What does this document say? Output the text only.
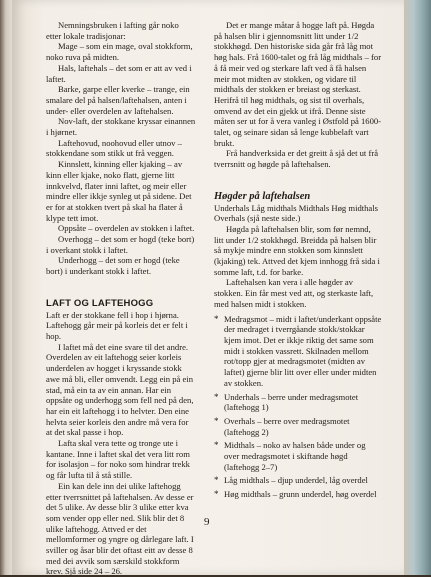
Nemningsbruken i lafting går noko etter lokale tradisjonar:

Mage – som ein mage, oval stokkform, noko ruva på midten.

Hals, laftehals – det som er att av ved i laftet.

Barke, garpe eller kverke – trange, ein smalare del på halsen/laftehalsen, anten i under- eller overdelen av laftehalsen.

Nov-laft, der stokkane kryssar einannen i hjørnet.

Laftehovud, noohovud eller utnov – stokkendane som stikk ut frå veggen.

Kinnslett, kinning eller kjaking – av kinn eller kjake, noko flatt, gjerne litt innkvelvd, flater inni laftet, og meir eller mindre eller ikkje synleg ut på sidene. Det er for at stokken tvert på skal ha flater å klype tett imot.

Oppsåte – overdelen av stokken i laftet.

Overhogg – det som er hogd (teke bort) i overkant stokk i laftet.

Underhogg – det som er hogd (teke bort) i underkant stokk i laftet.

LAFT OG LAFTEHOGG

Laft er der stokkane fell i hop i hjørna. Laftehogg går meir på korleis det er felt i hop.

I laftet må det eine svare til det andre. Overdelen av eit laftehogg seier korleis underdelen av hogget i kryssande stokk awe må bli, eller omvendt. Legg ein på ein stad, må ein ta av ein annan. Har ein oppsåte og underhogg som fell ned på den, har ein eit laftehogg i to helvter. Den eine helvta seier korleis den andre må vera for at det skal passe i hop.

Lafta skal vera tette og tronge ute i kantane. Inne i laftet skal det vera litt rom for isolasjon – for noko som hindrar trekk og får lufta til å stå stille.

Ein kan dele inn dei ulike laftehogg etter tverrsnittet på laftehalsen. Av desse er det 5 ulike. Av desse blir 3 ulike etter kva som vender opp eller ned. Slik blir det 8 ulike laftehogg. Attved er det mellomformer og yngre og dårlegare laft. I sviller og åsar blir det oftast eitt av desse 8 med dei avvik som særskild stokkform krev. Sjå side 24 – 26.

Det er mange måtar å hogge laft på. Høgda på halsen blir i gjennomsnitt litt under 1/2 stokkhøgd. Den historiske sida går frå låg mot høg hals. Frå 1600-talet og frå låg midthals – for å få meir ved og sterkare laft ved å få halsen meir mot midten av stokken, og vidare til midthals der stokken er breiast og sterkast. Herifrå til høg midthals, og sist til overhals, omvend av det ein gjekk ut ifrå. Denne siste måten ser ut for å vera vanleg i Østfold på 1600-talet, og seinare sidan så lenge kubbelaft vart brukt.

Frå handverksida er det greitt å sjå det ut frå tverrsnitt og høgde på laftehalsen.

Høgder på laftehalsen

Underhals Låg midthals Midthals Høg midthals Overhals (sjå neste side.)

Høgda på laftehalsen blir, som før nemnd, litt under 1/2 stokkhøgd. Breidda på halsen blir så mykje mindre enn stokken som kinnslett (kjaking) tek. Attved det kjem innhogg frå sida i somme laft, t.d. for barke.

Laftehalsen kan vera i alle høgder av stokken. Ein får mest ved att, og sterkaste laft, med halsen midt i stokken.

* Medragsmot – midt i laftet/underkant oppsåte der medraget i tverrgåande stokk/stokkar kjem imot. Det er ikkje riktig det same som midt i stokken vassrett. Skilnaden mellom rot/topp gjer at medragsmotet (midten av laftet) gjerne blir litt over eller under midten av stokken.
* Underhals – berre under medragsmotet (laftehogg 1)
* Overhals – berre over medragsmotet (laftehogg 2)
* Midthals – noko av halsen både under og over medragsmotet i skiftande høgd (laftehogg 2–7)
* Låg midthals – djup underdel, låg overdel
* Høg midthals – grunn underdel, høg overdel
9
